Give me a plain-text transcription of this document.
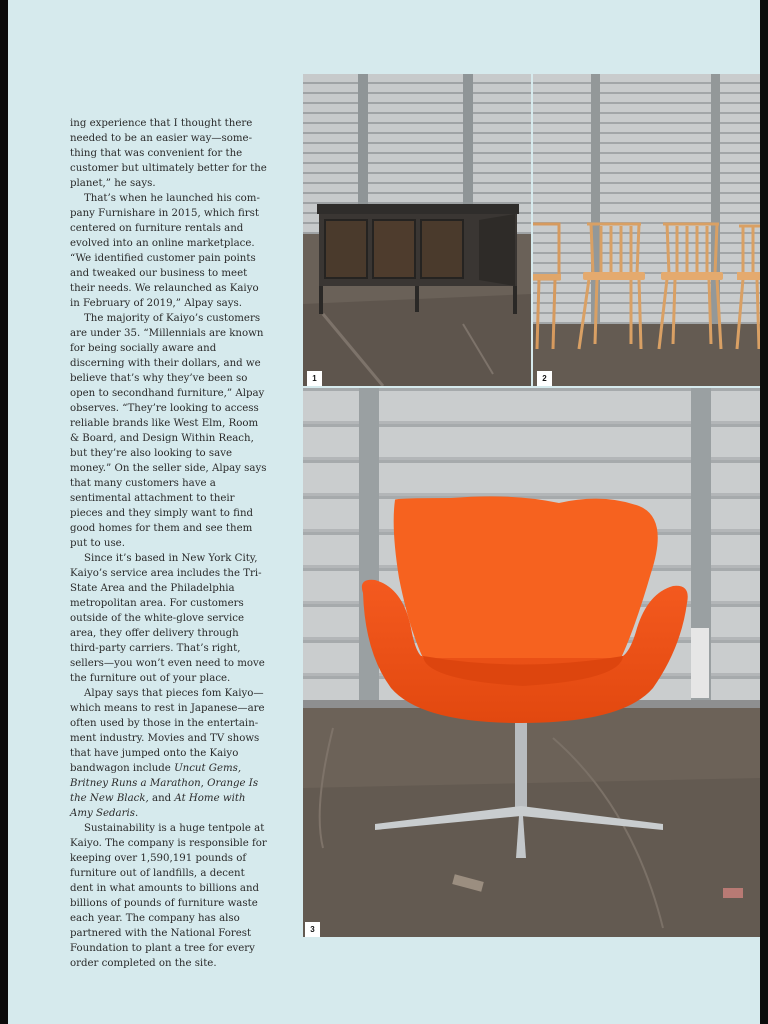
ing experience that I thought there needed to be an easier way—something that was convenient for the customer but ultimately better for the planet,” he says.

That’s when he launched his company Furnishare in 2015, which first centered on furniture rentals and evolved into an online marketplace. “We identified customer pain points and tweaked our business to meet their needs. We relaunched as Kaiyo in February of 2019,” Alpay says.

The majority of Kaiyo’s customers are under 35. “Millennials are known for being socially aware and discerning with their dollars, and we believe that’s why they’ve been so open to secondhand furniture,” Alpay observes. “They’re looking to access reliable brands like West Elm, Room & Board, and Design Within Reach, but they’re also looking to save money.” On the seller side, Alpay says that many customers have a sentimental attachment to their pieces and they simply want to find good homes for them and see them put to use.

Since it’s based in New York City, Kaiyo’s service area includes the Tri-State Area and the Philadelphia metropolitan area. For customers outside of the white-glove service area, they offer delivery through third-party carriers. That’s right, sellers—you won’t even need to move the furniture out of your place.

Alpay says that pieces fom Kaiyo—which means to rest in Japanese—are often used by those in the entertainment industry. Movies and TV shows that have jumped onto the Kaiyo bandwagon include Uncut Gems, Britney Runs a Marathon, Orange Is the New Black, and At Home with Amy Sedaris.

Sustainability is a huge tentpole at Kaiyo. The company is responsible for keeping over 1,590,191 pounds of furniture out of landfills, a decent dent in what amounts to billions and billions of pounds of furniture waste each year. The company has also partnered with the National Forest Foundation to plant a tree for every order completed on the site.

1	2
3
